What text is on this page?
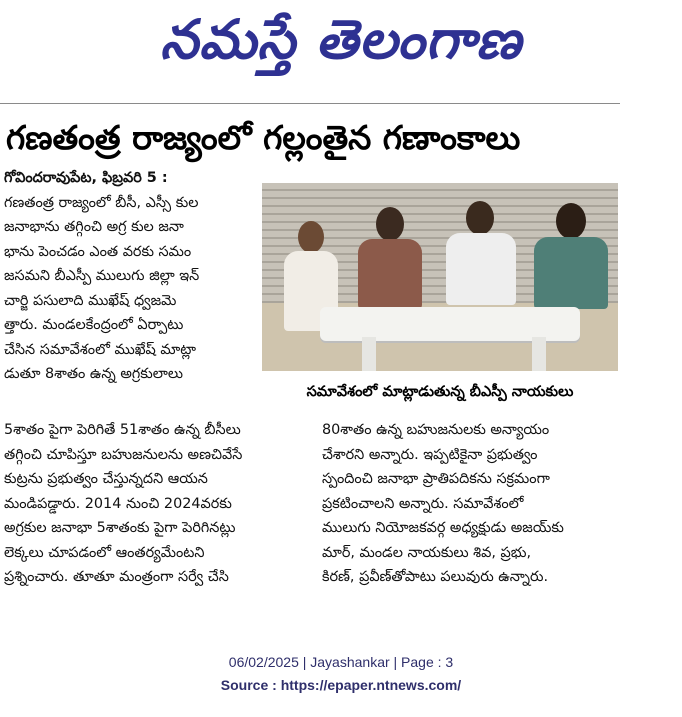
నమస్తే తెలంగాణ
గణతంత్ర రాజ్యంలో గల్లంతైన గణాంకాలు
గోవిందరావుపేట, ఫిబ్రవరి 5 :
గణతంత్ర రాజ్యంలో బీసీ, ఎస్సీ కుల
జనాభాను తగ్గించి అగ్ర కుల జనా
భాను పెంచడం ఎంత వరకు సమం
జసమని బీఎస్పీ ములుగు జిల్లా ఇన్
చార్జి పసులాది ముఖేష్ ధ్వజమె
త్తారు. మండలకేంద్రంలో ఏర్పాటు
చేసిన సమావేశంలో ముఖేష్ మాట్లా
డుతూ 8శాతం ఉన్న అగ్రకులాలు
సమావేశంలో మాట్లాడుతున్న బీఎస్పీ నాయకులు
5శాతం పైగా పెరిగితే 51శాతం ఉన్న బీసీలు
తగ్గించి చూపిస్తూ బహుజనులను అణచివేసే
కుట్రను ప్రభుత్వం చేస్తున్నదని ఆయన
మండిపడ్డారు. 2014 నుంచి 2024వరకు
అగ్రకుల జనాభా 5శాతంకు పైగా పెరిగినట్లు
లెక్కలు చూపడంలో ఆంతర్యమేంటని
ప్రశ్నించారు. తూతూ మంత్రంగా సర్వే చేసి
80శాతం ఉన్న బహుజనులకు అన్యాయం
చేశారని అన్నారు. ఇప్పటికైనా ప్రభుత్వం
స్పందించి జనాభా ప్రాతిపదికను సక్రమంగా
ప్రకటించాలని అన్నారు. సమావేశంలో
ములుగు నియోజకవర్గ అధ్యక్షుడు అజయ్‌కు
మార్, మండల నాయకులు శివ, ప్రభు,
కిరణ్, ప్రవీణ్‌తోపాటు పలువురు ఉన్నారు.
06/02/2025 | Jayashankar | Page : 3
Source : https://epaper.ntnews.com/
